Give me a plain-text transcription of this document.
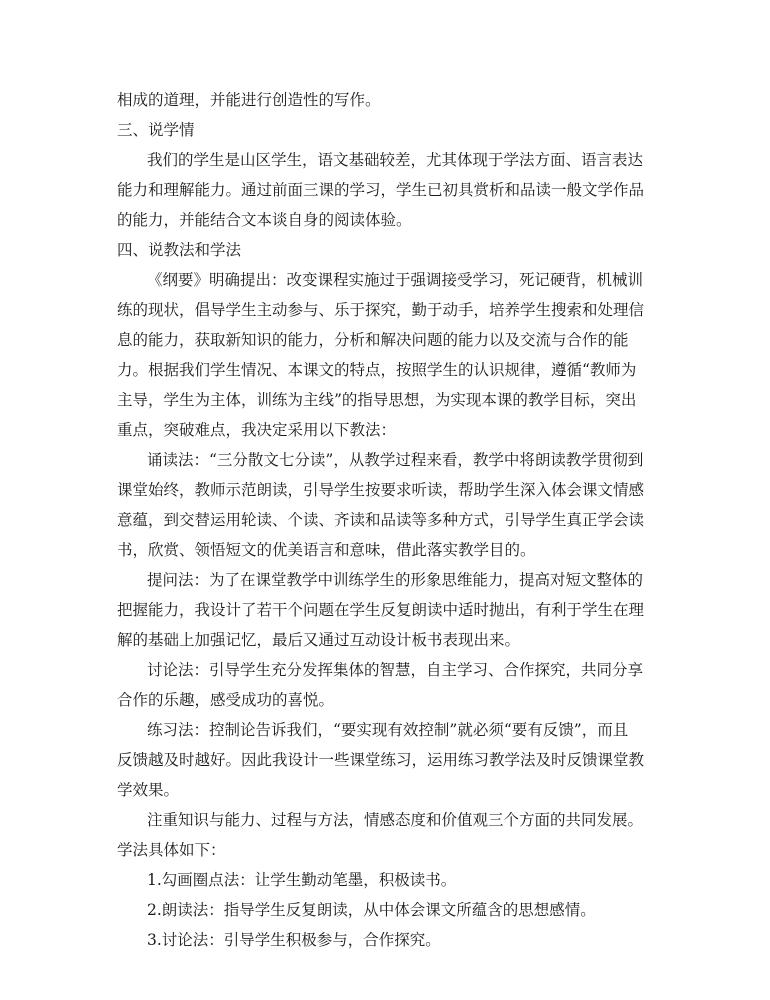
相成的道理，并能进行创造性的写作。
三、说学情
我们的学生是山区学生，语文基础较差，尤其体现于学法方面、语言表达
能力和理解能力。通过前面三课的学习，学生已初具赏析和品读一般文学作品
的能力，并能结合文本谈自身的阅读体验。
四、说教法和学法
《纲要》明确提出：改变课程实施过于强调接受学习，死记硬背，机械训
练的现状，倡导学生主动参与、乐于探究，勤于动手，培养学生搜索和处理信
息的能力，获取新知识的能力，分析和解决问题的能力以及交流与合作的能
力。根据我们学生情况、本课文的特点，按照学生的认识规律，遵循“教师为
主导，学生为主体，训练为主线”的指导思想，为实现本课的教学目标，突出
重点，突破难点，我决定采用以下教法：
诵读法：“三分散文七分读”，从教学过程来看，教学中将朗读教学贯彻到
课堂始终，教师示范朗读，引导学生按要求听读，帮助学生深入体会课文情感
意蕴，到交替运用轮读、个读、齐读和品读等多种方式，引导学生真正学会读
书，欣赏、领悟短文的优美语言和意味，借此落实教学目的。
提问法：为了在课堂教学中训练学生的形象思维能力，提高对短文整体的
把握能力，我设计了若干个问题在学生反复朗读中适时抛出，有利于学生在理
解的基础上加强记忆，最后又通过互动设计板书表现出来。
讨论法：引导学生充分发挥集体的智慧，自主学习、合作探究，共同分享
合作的乐趣，感受成功的喜悦。
练习法：控制论告诉我们，“要实现有效控制”就必须“要有反馈”，而且
反馈越及时越好。因此我设计一些课堂练习，运用练习教学法及时反馈课堂教
学效果。
注重知识与能力、过程与方法，情感态度和价值观三个方面的共同发展。
学法具体如下：
1.勾画圈点法：让学生勤动笔墨，积极读书。
2.朗读法：指导学生反复朗读，从中体会课文所蕴含的思想感情。
3.讨论法：引导学生积极参与，合作探究。
